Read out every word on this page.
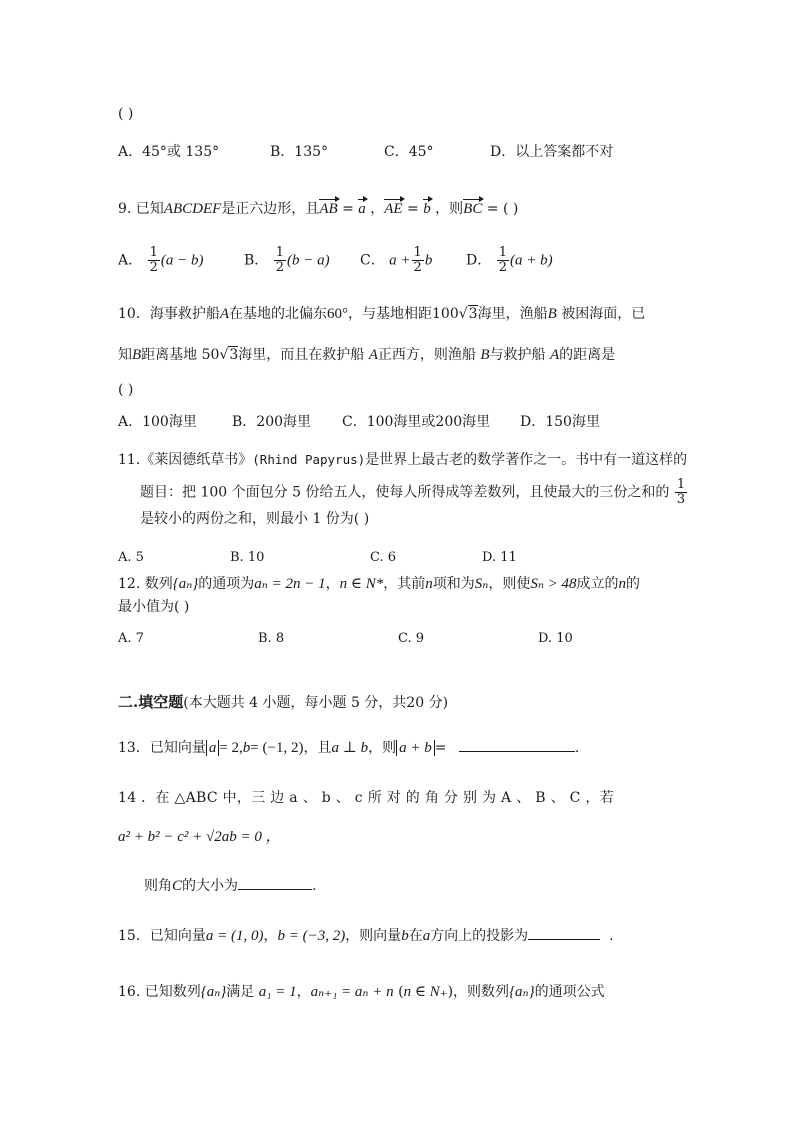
( )
A．45°或 135°	B．135°	C．45°	D．以上答案都不对
9. 已知ABCDEF是正六边形，且AB = a ，AE = b ，则BC = ( )
A． $\frac{1}{2} (a - b)$	B． $\frac{1}{2} (b - a)$ C． $a + \frac{1}{2}$ b D． $\frac{1}{2} (a + b)$
10．海事救护船A在基地的北偏东60°，与基地相距100√3海里，渔船B 被困海面，已
知B距离基地 50√3海里，而且在救护船 A正西方，则渔船 B与救护船 A的距离是
( )
A．100海里	B．200海里 C．100海里或200海里 D．150海里
11.《莱因德纸草书》(Rhind Papyrus)是世界上最古老的数学著作之一。书中有一道这样的
题目：把 100 个面包分 5 份给五人，使每人所得成等差数列，且使最大的三份之和的 $\frac{1}{3}$
是较小的两份之和，则最小 1 份为( )
A. 5	B. 10	C. 6	D. 11
12. 数列{aₙ}的通项为aₙ = 2n − 1，n ∈ N*，其前n项和为Sₙ，则使Sₙ > 48成立的n的
最小值为( )
A. 7	B. 8	C. 9	D. 10
二.填空题(本大题共 4 小题，每小题 5 分，共20 分)
13．已知向量 a = 2,b= (−1, 2)，且a ⊥ b，则 a + b =	.
14 ．在 △ABC 中，三 边 a 、 b 、 c 所 对 的 角 分 别 为 A 、 B 、 C ，若
a² + b² − c² + √2ab = 0 ，
则角C的大小为	.
15．已知向量a = (1, 0)，b = (−3, 2)，则向量b在a方向上的投影为	.
16. 已知数列{aₙ}满足 a₁ = 1，aₙ₊₁ = aₙ + n (n ∈ N₊)，则数列{aₙ}的通项公式
